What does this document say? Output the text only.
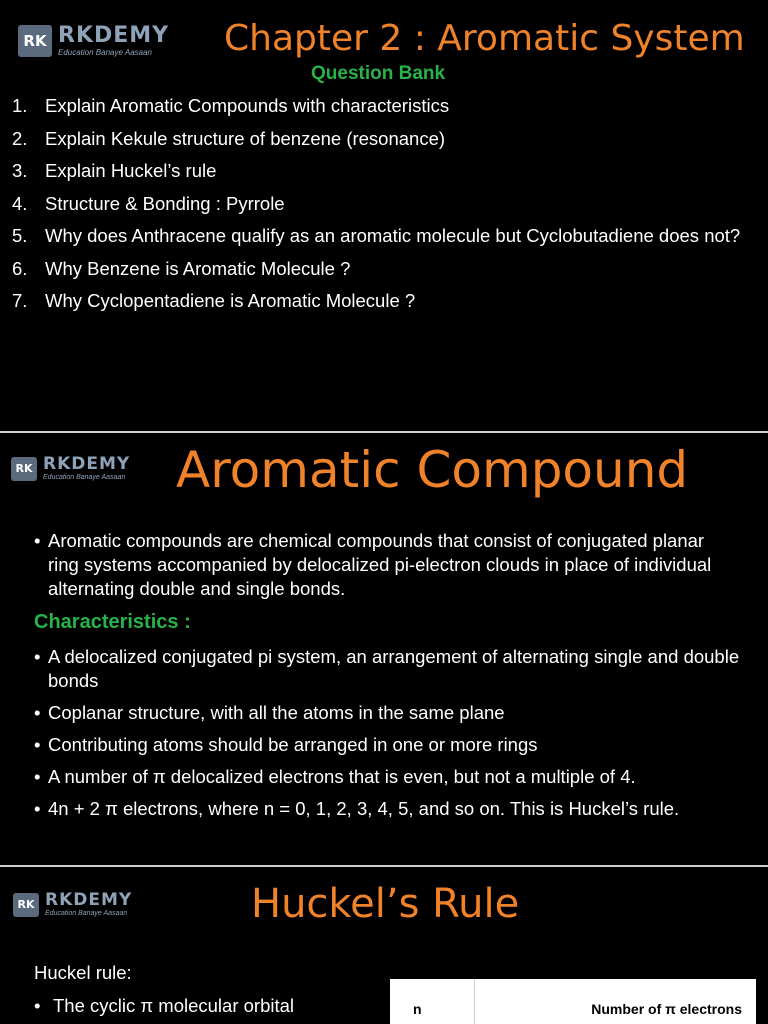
RK RKDEMY
Education Banaye Aasaan	Chapter 2 : Aromatic System
Question Bank
1. Explain Aromatic Compounds with characteristics
2. Explain Kekule structure of benzene (resonance)
3. Explain Huckel’s rule
4. Structure & Bonding : Pyrrole
5. Why does Anthracene qualify as an aromatic molecule but Cyclobutadiene does not?
6. Why Benzene is Aromatic Molecule ?
7. Why Cyclopentadiene is Aromatic Molecule ?
RK RKDEMY
Education Banaye Aasaan Aromatic Compound
• Aromatic compounds are chemical compounds that consist of conjugated planar ring systems accompanied by delocalized pi-electron clouds in place of individual alternating double and single bonds.
Characteristics :
• A delocalized conjugated pi system, an arrangement of alternating single and double bonds
• Coplanar structure, with all the atoms in the same plane
• Contributing atoms should be arranged in one or more rings
• A number of π delocalized electrons that is even, but not a multiple of 4.
• 4n + 2 π electrons, where n = 0, 1, 2, 3, 4, 5, and so on. This is Huckel’s rule.
RK RKDEMY
Education Banaye Aasaan	Huckel’s Rule
Huckel rule:
• The cyclic π molecular orbital	n	Number of π electrons
